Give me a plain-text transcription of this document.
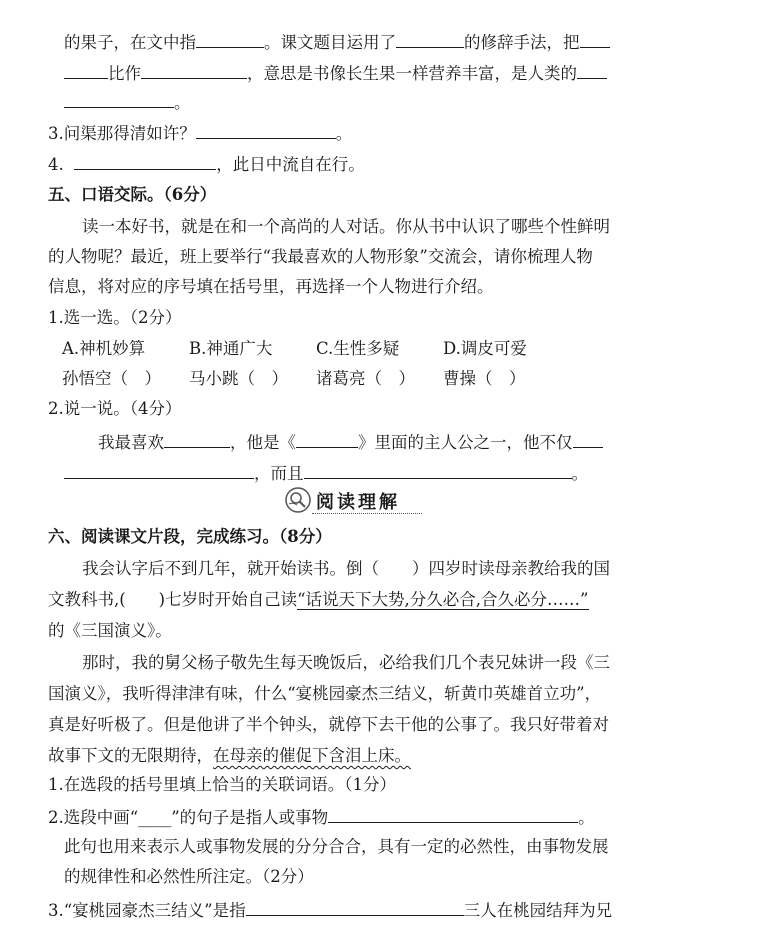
的果子，在文中指	。课文题目运用了	的修辞手法，把
比作	，意思是书像长生果一样营养丰富，是人类的
。
3.问渠那得清如许？	。
4.	，此日中流自在行。
五、口语交际。（6分）
读一本好书，就是在和一个高尚的人对话。你从书中认识了哪些个性鲜明
的人物呢？最近，班上要举行“我最喜欢的人物形象”交流会，请你梳理人物
信息，将对应的序号填在括号里，再选择一个人物进行介绍。
1.选一选。（2分）
A.神机妙算	B.神通广大	C.生性多疑	D.调皮可爱
孙悟空（　） 马小跳（　） 诸葛亮（　） 曹操（　）
2.说一说。（4分）
我最喜欢	，他是《	》里面的主人公之一，他不仅
，而且	。
阅读理解
六、阅读课文片段，完成练习。（8分）
我会认字后不到几年，就开始读书。倒（　　）四岁时读母亲教给我的国
文教科书,(　　)七岁时开始自己读“话说天下大势,分久必合,合久必分……”
的《三国演义》。
那时，我的舅父杨子敬先生每天晚饭后，必给我们几个表兄妹讲一段《三
国演义》，我听得津津有味，什么“宴桃园豪杰三结义，斩黄巾英雄首立功”，
真是好听极了。但是他讲了半个钟头，就停下去干他的公事了。我只好带着对
故事下文的无限期待，在母亲的催促下含泪上床。
1.在选段的括号里填上恰当的关联词语。（1分）
2.选段中画“____”的句子是指人或事物	。
此句也用来表示人或事物发展的分分合合，具有一定的必然性，由事物发展
的规律性和必然性所注定。（2分）
3.“宴桃园豪杰三结义”是指	三人在桃园结拜为兄
